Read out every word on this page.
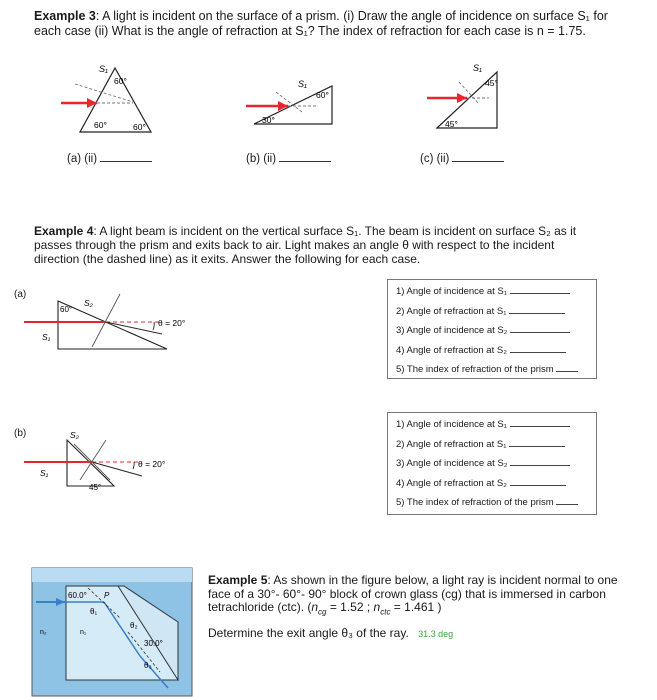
Example 3: A light is incident on the surface of a prism. (i) Draw the angle of incidence on surface S₁ for
each case (ii) What is the angle of refraction at S₁? The index of refraction for each case is n = 1.75.
S₁
60°
60°	60°
(a) (ii)
S₁
60°
30°
(b) (ii)
S₁
45°
45°
(c) (ii)
Example 4: A light beam is incident on the vertical surface S₁. The beam is incident on surface S₂ as it
passes through the prism and exits back to air. Light makes an angle θ with respect to the incident
direction (the dashed line) as it exits. Answer the following for each case.
(a)
60°
S₂
S₁
θ = 20°
1) Angle of incidence at S₁
2) Angle of refraction at S₁
3) Angle of incidence at S₂
4) Angle of refraction at S₂
5) The index of refraction of the prism
(b)	S₂
S₁
45°
θ = 20°
1) Angle of incidence at S₁
2) Angle of refraction at S₁
3) Angle of incidence at S₂
4) Angle of refraction at S₂
5) The index of refraction of the prism
60.0° P
θ₁
n₂	n₁
θ₂
30.0°
θ₃
Example 5: As shown in the figure below, a light ray is incident normal to one
face of a 30°- 60°- 90° block of crown glass (cg) that is immersed in carbon
tetrachloride (ctc). ($n_{cg} = 1.52$ ; $n_{ctc} = 1.461$ )
Determine the exit angle θ₃ of the ray. 31.3 deg
